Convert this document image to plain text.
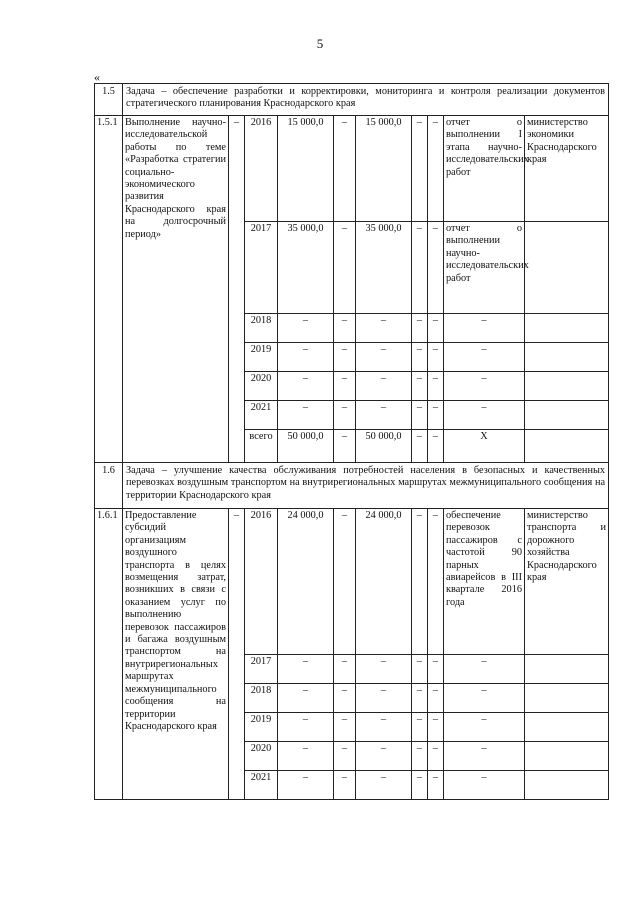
5
«
1.5	Задача – обеспечение разработки и корректировки, мониторинга и контроля реализации документов стратегического планирования Краснодарского края									
1.5.1	Выполнение научно-исследовательской работы по теме «Разработка стратегии социально-экономического развития Краснодарского края на долгосрочный период»	–	2016	15 000,0	–	15 000,0	–	–	отчет о выполнении I этапа научно-исследовательских работ	министерство экономики Краснодарского края
			2017	35 000,0	–	35 000,0	–	–	отчет о выполнении научно-исследовательских работ	
			2018	–	–	–	–	–	–	
			2019	–	–	–	–	–	–	
			2020	–	–	–	–	–	–	
			2021	–	–	–	–	–	–	
			всего	50 000,0	–	50 000,0	–	–	Х	
1.6	Задача – улучшение качества обслуживания потребностей населения в безопасных и качественных перевозках воздушным транспортом на внутрирегиональных маршрутах межмуниципального сообщения на территории Краснодарского края									
1.6.1	Предоставление субсидий организациям воздушного транспорта в целях возмещения затрат, возникших в связи с оказанием услуг по выполнению перевозок пассажиров и багажа воздушным транспортом на внутрирегиональных маршрутах межмуниципального сообщения на территории Краснодарского края	–	2016	24 000,0	–	24 000,0	–	–	обеспечение перевозок пассажиров с частотой 90 парных авиарейсов в III квартале 2016 года	министерство транспорта и дорожного хозяйства Краснодарского края
			2017	–	–	–	–	–	–	
			2018	–	–	–	–	–	–	
			2019	–	–	–	–	–	–	
			2020	–	–	–	–	–	–	
			2021	–	–	–	–	–	–	
